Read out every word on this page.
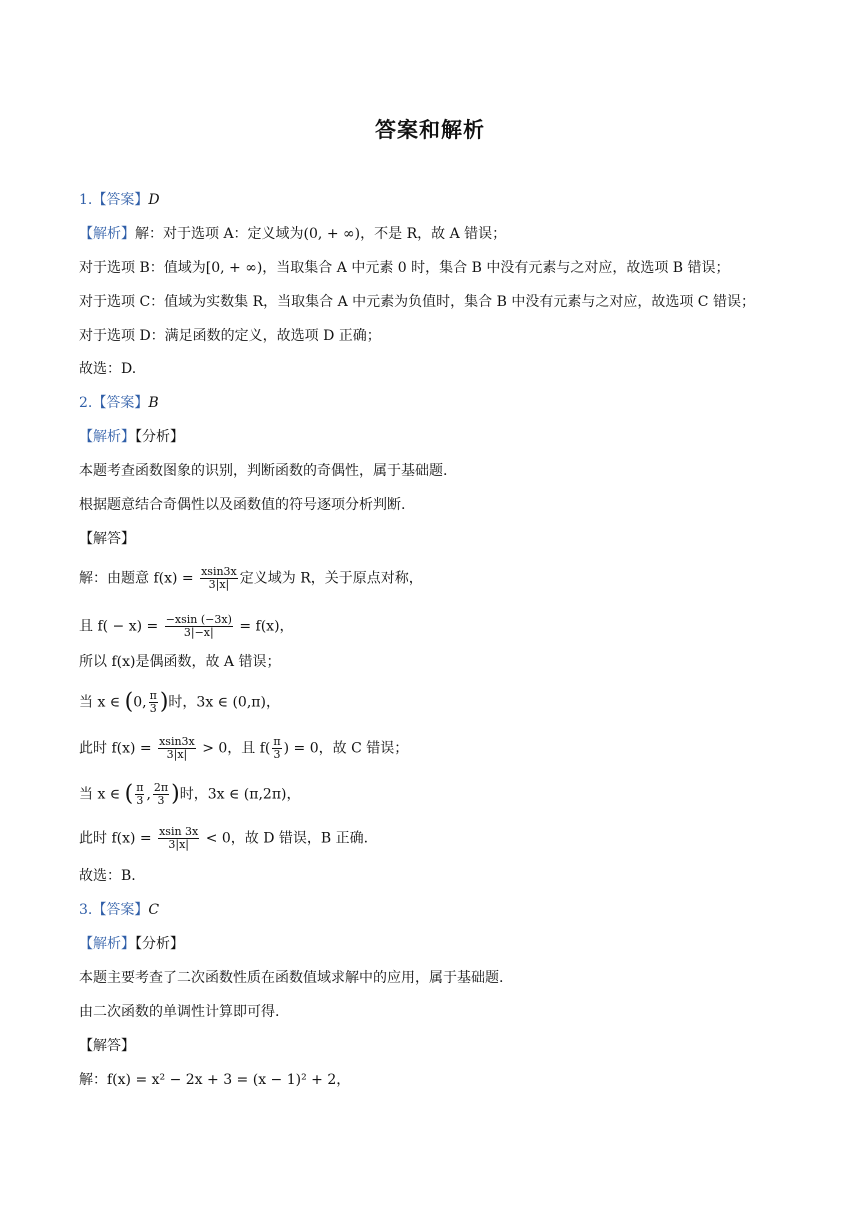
答案和解析
1.【答案】D
【解析】解：对于选项 A：定义域为(0, + ∞)，不是 R，故 A 错误；
对于选项 B：值域为[0, + ∞)，当取集合 A 中元素 0 时，集合 B 中没有元素与之对应，故选项 B 错误；
对于选项 C：值域为实数集 R，当取集合 A 中元素为负值时，集合 B 中没有元素与之对应，故选项 C 错误；
对于选项 D：满足函数的定义，故选项 D 正确；
故选：D.
2.【答案】B
【解析】【分析】
本题考查函数图象的识别，判断函数的奇偶性，属于基础题.
根据题意结合奇偶性以及函数值的符号逐项分析判断.
【解答】
解：由题意 $f(x) = \frac{xsin3x}{3|x|}$ 定义域为 R，关于原点对称，
且 $f( - x) = \frac{-xsin (-3x)}{3|-x|} = f(x)$，
所以 f(x)是偶函数，故 A 错误；
当 x ∈ (0, $\frac{\pi}{3}$ )时，3x ∈ (0,π)，
此时 $f(x) = \frac{xsin3x}{3|x|} > 0$，且 $f( \frac{\pi}{3}$ ) = 0，故 C 错误；
当 x ∈ ( $\frac{\pi}{3}$ , $\frac{2\pi}{3}$ )时，3x ∈ (π,2π)，
此时 $f(x) = \frac{xsin 3x}{3|x|} < 0$，故 D 错误，B 正确.
故选：B.
3.【答案】C
【解析】【分析】
本题主要考查了二次函数性质在函数值域求解中的应用，属于基础题.
由二次函数的单调性计算即可得.
【解答】
解：f(x) = x² − 2x + 3 = (x − 1)² + 2，
